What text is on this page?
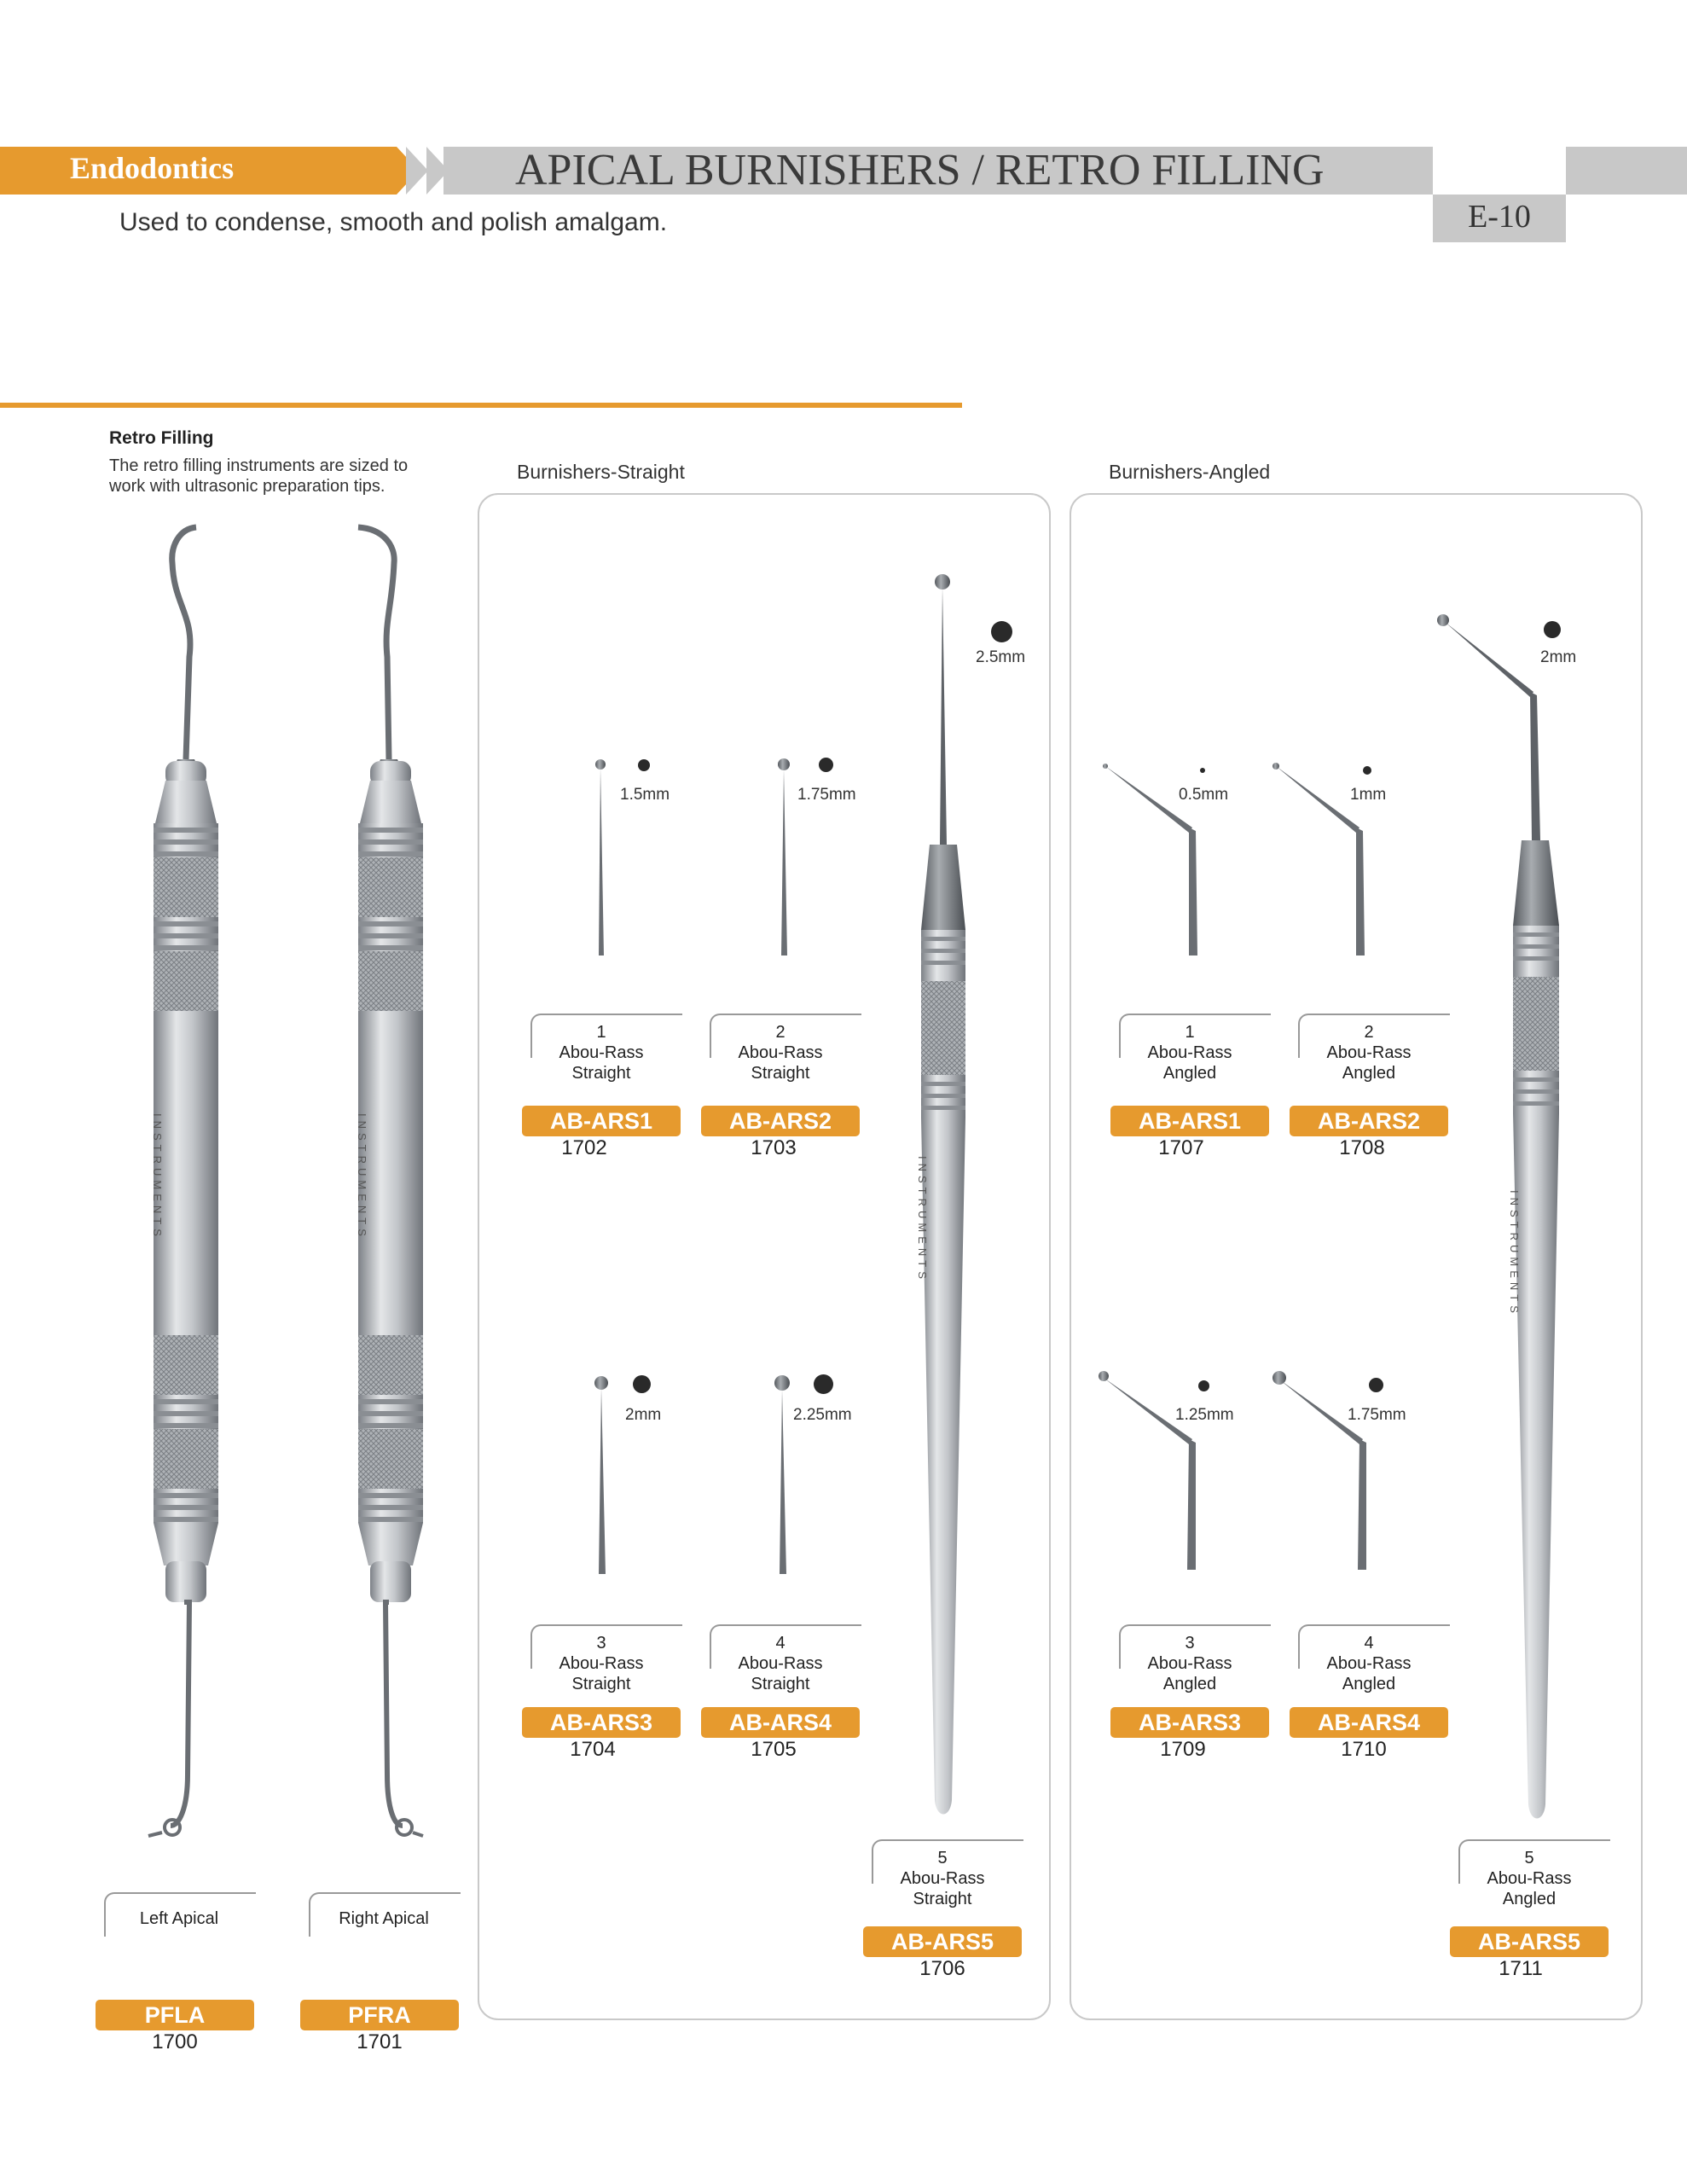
Endodontics	APICAL BURNISHERS / RETRO FILLING
E-10
Used to condense, smooth and polish amalgam.
Retro Filling
The retro filling instruments are sized to work with ultrasonic preparation tips.
INSTRUMENTS	INSTRUMENTS
Left Apical	Right Apical
PFLA
1700
PFRA
1701
Burnishers-Straight
1.5mm	1.75mm
2mm	2.25mm
1
Abou-Rass
Straight
AB-ARS1
1702
2
Abou-Rass
Straight
AB-ARS2
1703
3
Abou-Rass
Straight
AB-ARS3
1704
4
Abou-Rass
Straight
AB-ARS4
1705
INSTRUMENTS
2.5mm
5
Abou-Rass
Straight
AB-ARS5
1706
Burnishers-Angled
0.5mm	1mm
1.25mm	1.75mm
1
Abou-Rass
Angled
AB-ARS1
1707
2
Abou-Rass
Angled
AB-ARS2
1708
3
Abou-Rass
Angled
AB-ARS3
1709
4
Abou-Rass
Angled
AB-ARS4
1710
INSTRUMENTS
2mm
5
Abou-Rass
Angled
AB-ARS5
1711
